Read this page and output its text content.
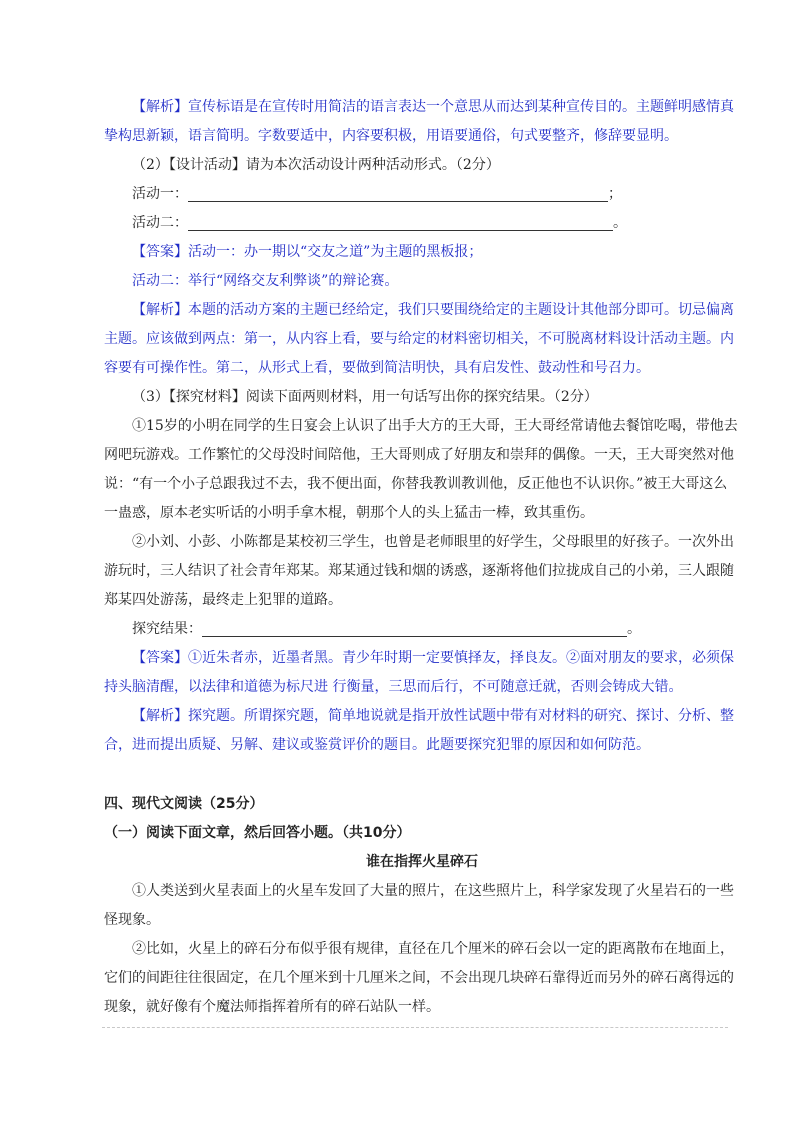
【解析】宣传标语是在宣传时用简洁的语言表达一个意思从而达到某种宣传目的。主题鲜明感情真挚构思新颖，语言简明。字数要适中，内容要积极，用语要通俗，句式要整齐，修辞要显明。

（2）【设计活动】请为本次活动设计两种活动形式。（2分）

活动一：	；

活动二：	。

【答案】活动一：办一期以“交友之道”为主题的黑板报；

活动二：举行“网络交友利弊谈”的辩论赛。

【解析】本题的活动方案的主题已经给定，我们只要围绕给定的主题设计其他部分即可。切忌偏离主题。应该做到两点：第一，从内容上看，要与给定的材料密切相关，不可脱离材料设计活动主题。内容要有可操作性。第二，从形式上看，要做到简洁明快，具有启发性、鼓动性和号召力。

（3）【探究材料】阅读下面两则材料，用一句话写出你的探究结果。（2分）

①15岁的小明在同学的生日宴会上认识了出手大方的王大哥，王大哥经常请他去餐馆吃喝，带他去网吧玩游戏。工作繁忙的父母没时间陪他，王大哥则成了好朋友和崇拜的偶像。一天，王大哥突然对他说：“有一个小子总跟我过不去，我不便出面，你替我教训教训他，反正他也不认识你。”被王大哥这么一蛊惑，原本老实听话的小明手拿木棍，朝那个人的头上猛击一棒，致其重伤。

②小刘、小彭、小陈都是某校初三学生，也曾是老师眼里的好学生，父母眼里的好孩子。一次外出游玩时，三人结识了社会青年郑某。郑某通过钱和烟的诱惑，逐渐将他们拉拢成自己的小弟，三人跟随郑某四处游荡，最终走上犯罪的道路。

探究结果：	。

【答案】①近朱者赤，近墨者黑。青少年时期一定要慎择友，择良友。②面对朋友的要求，必须保持头脑清醒，以法律和道德为标尺进 行衡量，三思而后行，不可随意迁就，否则会铸成大错。

【解析】探究题。所谓探究题，简单地说就是指开放性试题中带有对材料的研究、探讨、分析、整合，进而提出质疑、另解、建议或鉴赏评价的题目。此题要探究犯罪的原因和如何防范。

四、现代文阅读（25分）

（一）阅读下面文章，然后回答小题。（共10分）

谁在指挥火星碎石

①人类送到火星表面上的火星车发回了大量的照片，在这些照片上，科学家发现了火星岩石的一些怪现象。

②比如，火星上的碎石分布似乎很有规律，直径在几个厘米的碎石会以一定的距离散布在地面上，它们的间距往往很固定，在几个厘米到十几厘米之间，不会出现几块碎石靠得近而另外的碎石离得远的现象，就好像有个魔法师指挥着所有的碎石站队一样。
